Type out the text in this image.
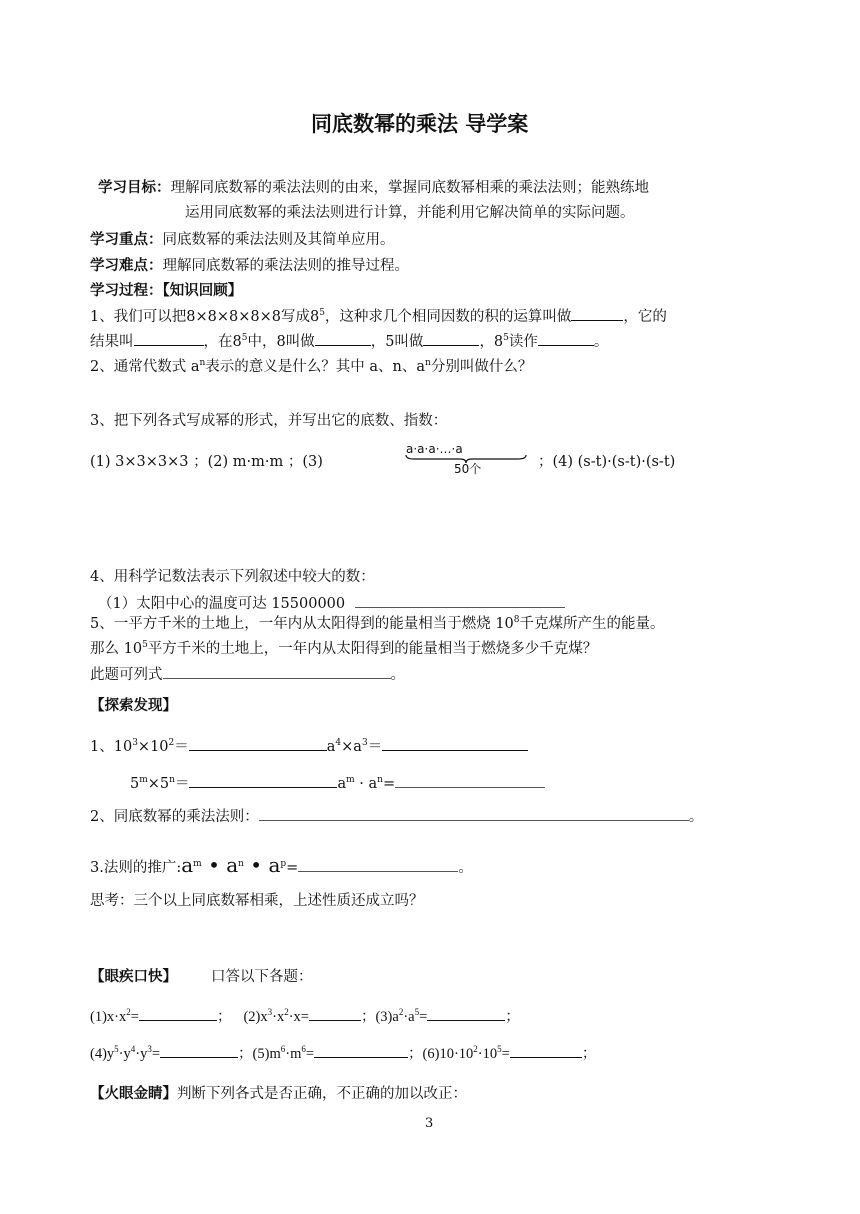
同底数幂的乘法 导学案
学习目标：理解同底数幂的乘法法则的由来，掌握同底数幂相乘的乘法法则；能熟练地
运用同底数幂的乘法法则进行计算，并能利用它解决简单的实际问题。
学习重点：同底数幂的乘法法则及其简单应用。
学习难点：理解同底数幂的乘法法则的推导过程。
学习过程：【知识回顾】
1、我们可以把8×8×8×8×8写成$8^5$，这种求几个相同因数的积的运算叫做	，它的
结果叫	，在$8^5$中，8叫做	，5叫做	，$8^5$读作	。
2、通常代数式 $a^n$表示的意义是什么？其中 a、n、$a^n$分别叫做什么？
3、把下列各式写成幂的形式，并写出它的底数、指数：
(1) 3×3×3×3 ；(2) m·m·m ；(3)
a·a·a·…·a
50个	；(4) (s-t)·(s-t)·(s-t)
4、用科学记数法表示下列叙述中较大的数：
（1）太阳中心的温度可达 15500000
5、一平方千米的土地上，一年内从太阳得到的能量相当于燃烧 $10^8$千克煤所产生的能量。
那么 $10^5$平方千米的土地上，一年内从太阳得到的能量相当于燃烧多少千克煤？
此题可列式	。
【探索发现】
1、$10^3\times 10^2=$	$a^4\times a^3=$
$5^m\times 5^n=$	$a^m \cdot a^n=$
2、同底数幂的乘法法则：	。
3.法则的推广$:a^m$ • $a^n$ • $a^p=$	。
思考：三个以上同底数幂相乘，上述性质还成立吗？
【眼疾口快】 口答以下各题：
$(1)x\cdot x^2=$	； $(2)x^3\cdot x^2\cdot x=$	；$(3)a^2\cdot a^5=$	；
$(4)y^5\cdot y^4\cdot y^3=$	；$(5)m^6\cdot m^6=$	；$(6)10\cdot 10^2\cdot 10^5=$	；
【火眼金睛】判断下列各式是否正确，不正确的加以改正：
3
